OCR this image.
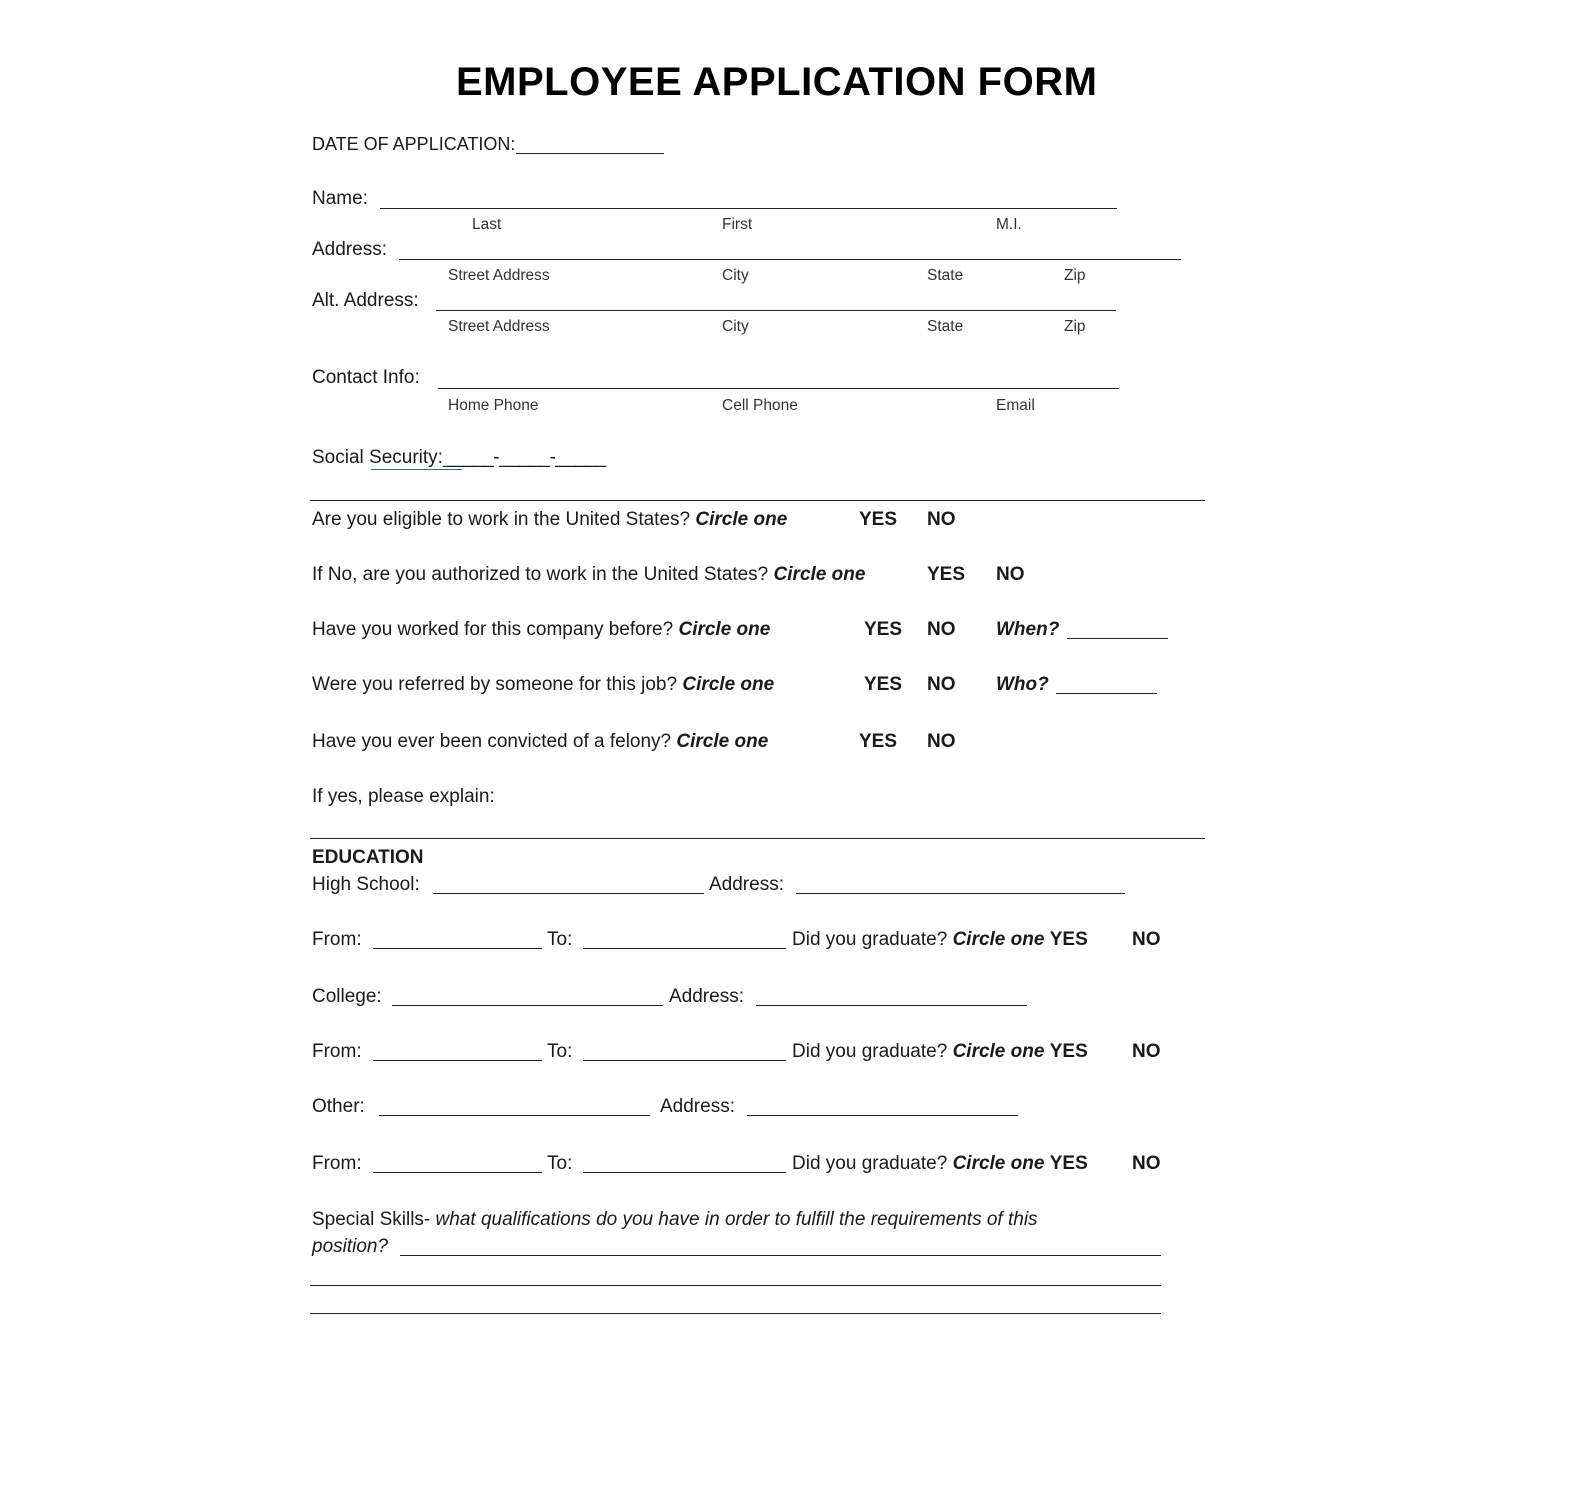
EMPLOYEE APPLICATION FORM
DATE OF APPLICATION:
Name:
Last	First	M.I.
Address:
Street Address	City	State	Zip
Alt. Address:
Street Address	City	State	Zip
Contact Info:
Home Phone	Cell Phone	Email
Social Security:_____-_____-_____
Are you eligible to work in the United States? Circle one	YES NO
If No, are you authorized to work in the United States? Circle one	YES NO
Have you worked for this company before? Circle one	YES NO When?
Were you referred by someone for this job? Circle one	YES NO Who?
Have you ever been convicted of a felony? Circle one	YES NO
If yes, please explain:
EDUCATION
High School:	Address:
From:	To:	Did you graduate? Circle one YES NO
College:	Address:
From:	To:	Did you graduate? Circle one YES NO
Other:	Address:
From:	To:	Did you graduate? Circle one YES NO
Special Skills- what qualifications do you have in order to fulfill the requirements of this
position?
